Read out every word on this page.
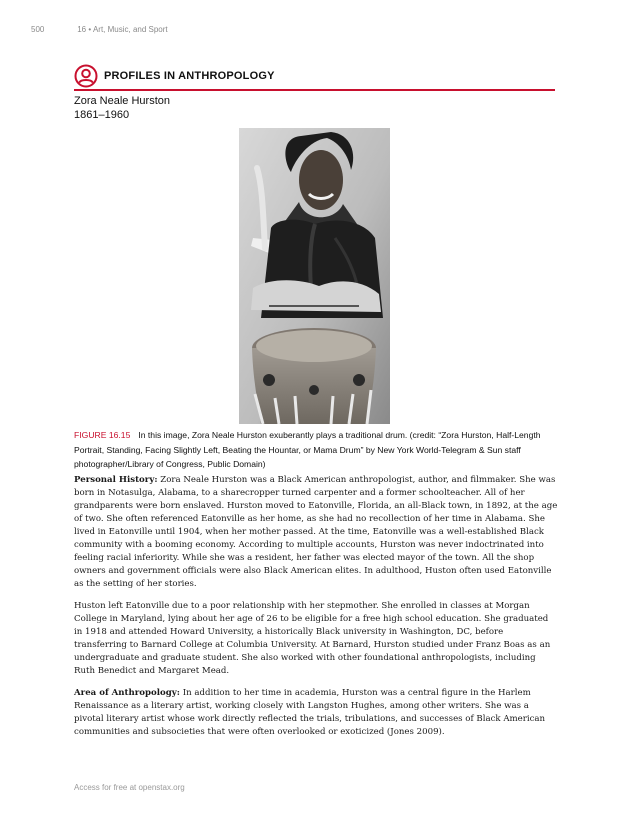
500	16 • Art, Music, and Sport
PROFILES IN ANTHROPOLOGY
Zora Neale Hurston
1861–1960
FIGURE 16.15 In this image, Zora Neale Hurston exuberantly plays a traditional drum. (credit: “Zora Hurston, Half-Length Portrait, Standing, Facing Slightly Left, Beating the Hountar, or Mama Drum” by New York World-Telegram & Sun staff photographer/Library of Congress, Public Domain)

Personal History: Zora Neale Hurston was a Black American anthropologist, author, and filmmaker. She was born in Notasulga, Alabama, to a sharecropper turned carpenter and a former schoolteacher. All of her grandparents were born enslaved. Hurston moved to Eatonville, Florida, an all-Black town, in 1892, at the age of two. She often referenced Eatonville as her home, as she had no recollection of her time in Alabama. She lived in Eatonville until 1904, when her mother passed. At the time, Eatonville was a well-established Black community with a booming economy. According to multiple accounts, Hurston was never indoctrinated into feeling racial inferiority. While she was a resident, her father was elected mayor of the town. All the shop owners and government officials were also Black American elites. In adulthood, Huston often used Eatonville as the setting of her stories.

Huston left Eatonville due to a poor relationship with her stepmother. She enrolled in classes at Morgan College in Maryland, lying about her age of 26 to be eligible for a free high school education. She graduated in 1918 and attended Howard University, a historically Black university in Washington, DC, before transferring to Barnard College at Columbia University. At Barnard, Hurston studied under Franz Boas as an undergraduate and graduate student. She also worked with other foundational anthropologists, including Ruth Benedict and Margaret Mead.

Area of Anthropology: In addition to her time in academia, Hurston was a central figure in the Harlem Renaissance as a literary artist, working closely with Langston Hughes, among other writers. She was a pivotal literary artist whose work directly reflected the trials, tribulations, and successes of Black American communities and subsocieties that were often overlooked or exoticized (Jones 2009).

Access for free at openstax.org
